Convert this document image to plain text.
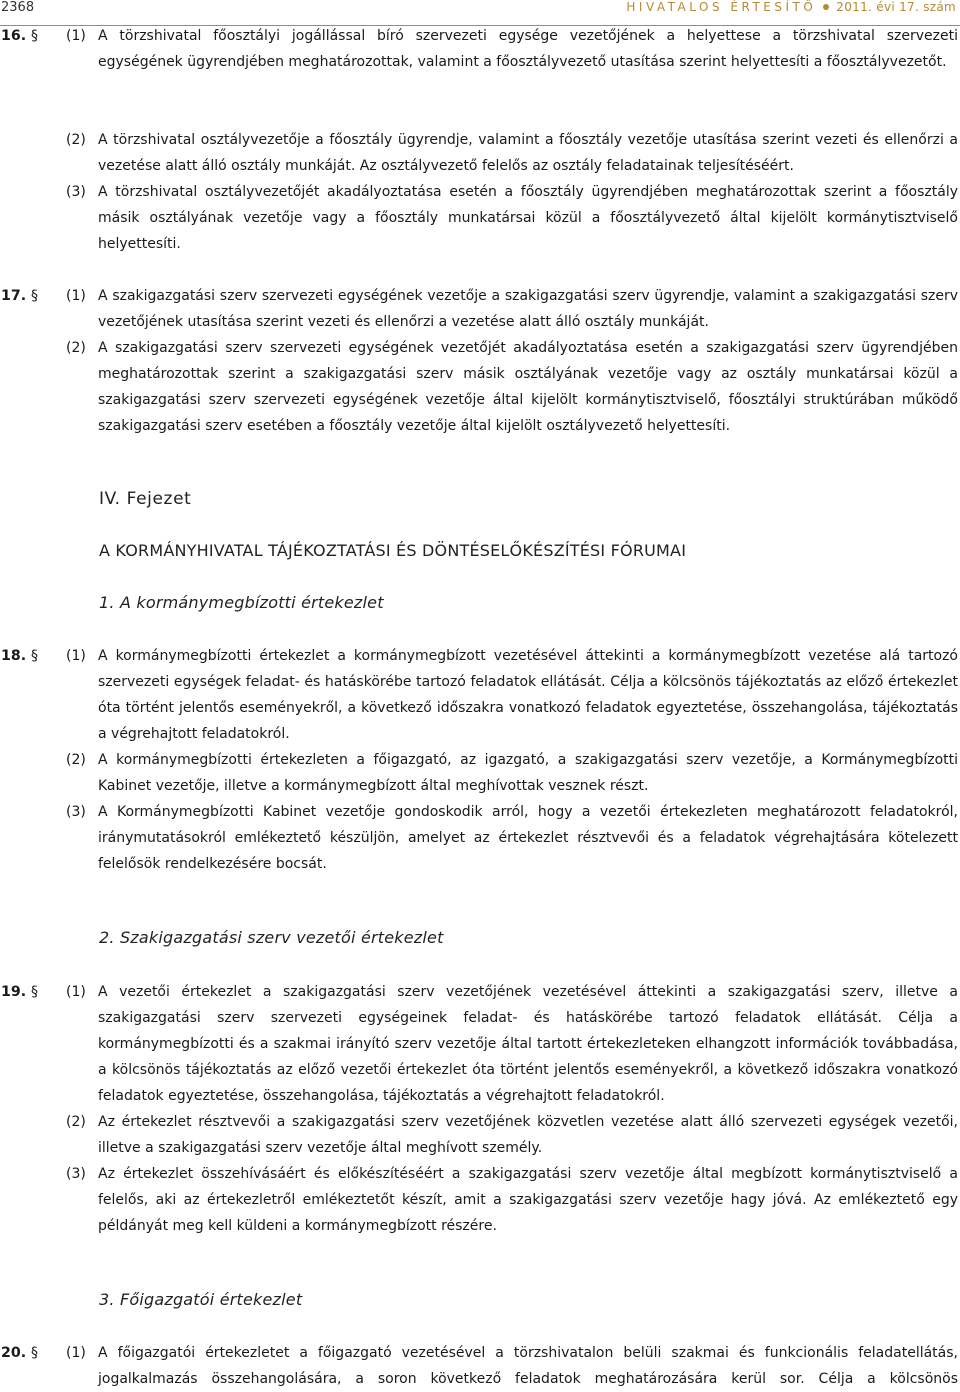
2368	HIVATALOS ÉRTESÍTŐ 2011. évi 17. szám
16. § (1) A törzshivatal főosztályi jogállással bíró szervezeti egysége vezetőjének a helyettese a törzshivatal szervezeti egységének ügyrendjében meghatározottak, valamint a főosztályvezető utasítása szerint helyettesíti a főosztályvezetőt.
(2) A törzshivatal osztályvezetője a főosztály ügyrendje, valamint a főosztály vezetője utasítása szerint vezeti és ellenőrzi a vezetése alatt álló osztály munkáját. Az osztályvezető felelős az osztály feladatainak teljesítéséért.
(3) A törzshivatal osztályvezetőjét akadályoztatása esetén a főosztály ügyrendjében meghatározottak szerint a főosztály másik osztályának vezetője vagy a főosztály munkatársai közül a főosztályvezető által kijelölt kormánytisztviselő helyettesíti.
17. § (1) A szakigazgatási szerv szervezeti egységének vezetője a szakigazgatási szerv ügyrendje, valamint a szakigazgatási szerv vezetőjének utasítása szerint vezeti és ellenőrzi a vezetése alatt álló osztály munkáját.
(2) A szakigazgatási szerv szervezeti egységének vezetőjét akadályoztatása esetén a szakigazgatási szerv ügyrendjében meghatározottak szerint a szakigazgatási szerv másik osztályának vezetője vagy az osztály munkatársai közül a szakigazgatási szerv szervezeti egységének vezetője által kijelölt kormánytisztviselő, főosztályi struktúrában működő szakigazgatási szerv esetében a főosztály vezetője által kijelölt osztályvezető helyettesíti.
IV. Fejezet
A KORMÁNYHIVATAL TÁJÉKOZTATÁSI ÉS DÖNTÉSELŐKÉSZÍTÉSI FÓRUMAI
1. A kormánymegbízotti értekezlet
18. § (1) A kormánymegbízotti értekezlet a kormánymegbízott vezetésével áttekinti a kormánymegbízott vezetése alá tartozó szervezeti egységek feladat- és hatáskörébe tartozó feladatok ellátását. Célja a kölcsönös tájékoztatás az előző értekezlet óta történt jelentős eseményekről, a következő időszakra vonatkozó feladatok egyeztetése, összehangolása, tájékoztatás a végrehajtott feladatokról.
(2) A kormánymegbízotti értekezleten a főigazgató, az igazgató, a szakigazgatási szerv vezetője, a Kormánymegbízotti Kabinet vezetője, illetve a kormánymegbízott által meghívottak vesznek részt.
(3) A Kormánymegbízotti Kabinet vezetője gondoskodik arról, hogy a vezetői értekezleten meghatározott feladatokról, iránymutatásokról emlékeztető készüljön, amelyet az értekezlet résztvevői és a feladatok végrehajtására kötelezett felelősök rendelkezésére bocsát.
2. Szakigazgatási szerv vezetői értekezlet
19. § (1) A vezetői értekezlet a szakigazgatási szerv vezetőjének vezetésével áttekinti a szakigazgatási szerv, illetve a szakigazgatási szerv szervezeti egységeinek feladat- és hatáskörébe tartozó feladatok ellátását. Célja a kormánymegbízotti és a szakmai irányító szerv vezetője által tartott értekezleteken elhangzott információk továbbadása, a kölcsönös tájékoztatás az előző vezetői értekezlet óta történt jelentős eseményekről, a következő időszakra vonatkozó feladatok egyeztetése, összehangolása, tájékoztatás a végrehajtott feladatokról.
(2) Az értekezlet résztvevői a szakigazgatási szerv vezetőjének közvetlen vezetése alatt álló szervezeti egységek vezetői, illetve a szakigazgatási szerv vezetője által meghívott személy.
(3) Az értekezlet összehívásáért és előkészítéséért a szakigazgatási szerv vezetője által megbízott kormánytisztviselő a felelős, aki az értekezletről emlékeztetőt készít, amit a szakigazgatási szerv vezetője hagy jóvá. Az emlékeztető egy példányát meg kell küldeni a kormánymegbízott részére.
3. Főigazgatói értekezlet
20. § (1) A főigazgatói értekezletet a főigazgató vezetésével a törzshivatalon belüli szakmai és funkcionális feladatellátás, jogalkalmazás összehangolására, a soron következő feladatok meghatározására kerül sor. Célja a kölcsönös
